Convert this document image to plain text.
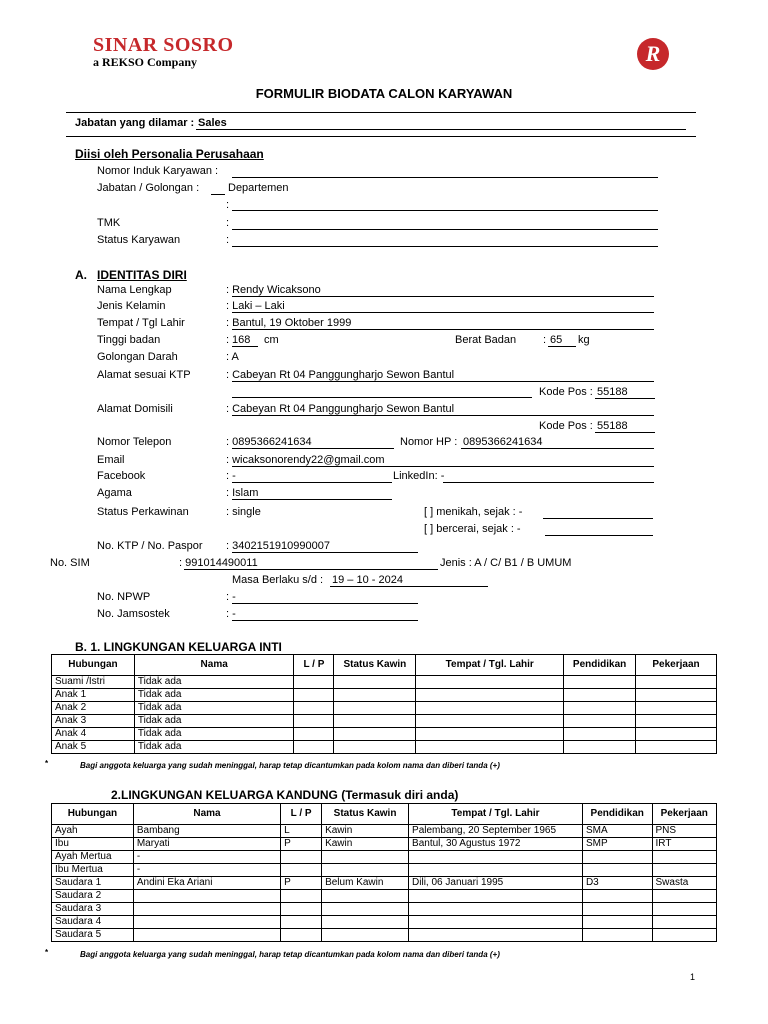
SINAR SOSRO
a REKSO Company	R
FORMULIR BIODATA CALON KARYAWAN
Jabatan yang dilamar : Sales
Diisi oleh Personalia Perusahaan
Nomor Induk Karyawan :
Jabatan / Golongan :	Departemen
:
TMK	:
Status Karyawan	:
A. IDENTITAS DIRI
Nama Lengkap	: Rendy Wicaksono
Jenis Kelamin	: Laki – Laki
Tempat / Tgl Lahir	: Bantul, 19 Oktober 1999
Tinggi badan	: 168 cm	Berat Badan : 65 kg
Golongan Darah	: A
Alamat sesuai KTP	: Cabeyan Rt 04 Panggungharjo Sewon Bantul
Kode Pos : 55188
Alamat Domisili	: Cabeyan Rt 04 Panggungharjo Sewon Bantul
Kode Pos : 55188
Nomor Telepon	: 0895366241634	Nomor HP : 0895366241634
Email	: wicaksonorendy22@gmail.com
Facebook	: -	LinkedIn: -
Agama	: Islam
Status Perkawinan	: single	[ ] menikah, sejak : -
[ ] bercerai, sejak : -
No. KTP / No. Paspor : 3402151910990007
No. SIM	: 991014490011	Jenis : A / C/ B1 / B UMUM
Masa Berlaku s/d : 19 – 10 - 2024
No. NPWP	: -
No. Jamsostek	: -
B. 1. LINGKUNGAN KELUARGA INTI
Hubungan	Nama	L / P	Status Kawin	Tempat / Tgl. Lahir	Pendidikan	Pekerjaan
Suami /Istri	Tidak ada					
Anak 1	Tidak ada					
Anak 2	Tidak ada					
Anak 3	Tidak ada					
Anak 4	Tidak ada					
Anak 5	Tidak ada					
*	Bagi anggota keluarga yang sudah meninggal, harap tetap dicantumkan pada kolom nama dan diberi tanda (+)
2.LINGKUNGAN KELUARGA KANDUNG (Termasuk diri anda)
Hubungan	Nama	L / P	Status Kawin	Tempat / Tgl. Lahir	Pendidikan	Pekerjaan
Ayah	Bambang	L	Kawin	Palembang, 20 September 1965	SMA	PNS
Ibu	Maryati	P	Kawin	Bantul, 30 Agustus 1972	SMP	IRT
Ayah Mertua	-					
Ibu Mertua	-					
Saudara 1	Andini Eka Ariani	P	Belum Kawin	Dili, 06 Januari 1995	D3	Swasta
Saudara 2						
Saudara 3						
Saudara 4						
Saudara 5						
*	Bagi anggota keluarga yang sudah meninggal, harap tetap dicantumkan pada kolom nama dan diberi tanda (+)
1
